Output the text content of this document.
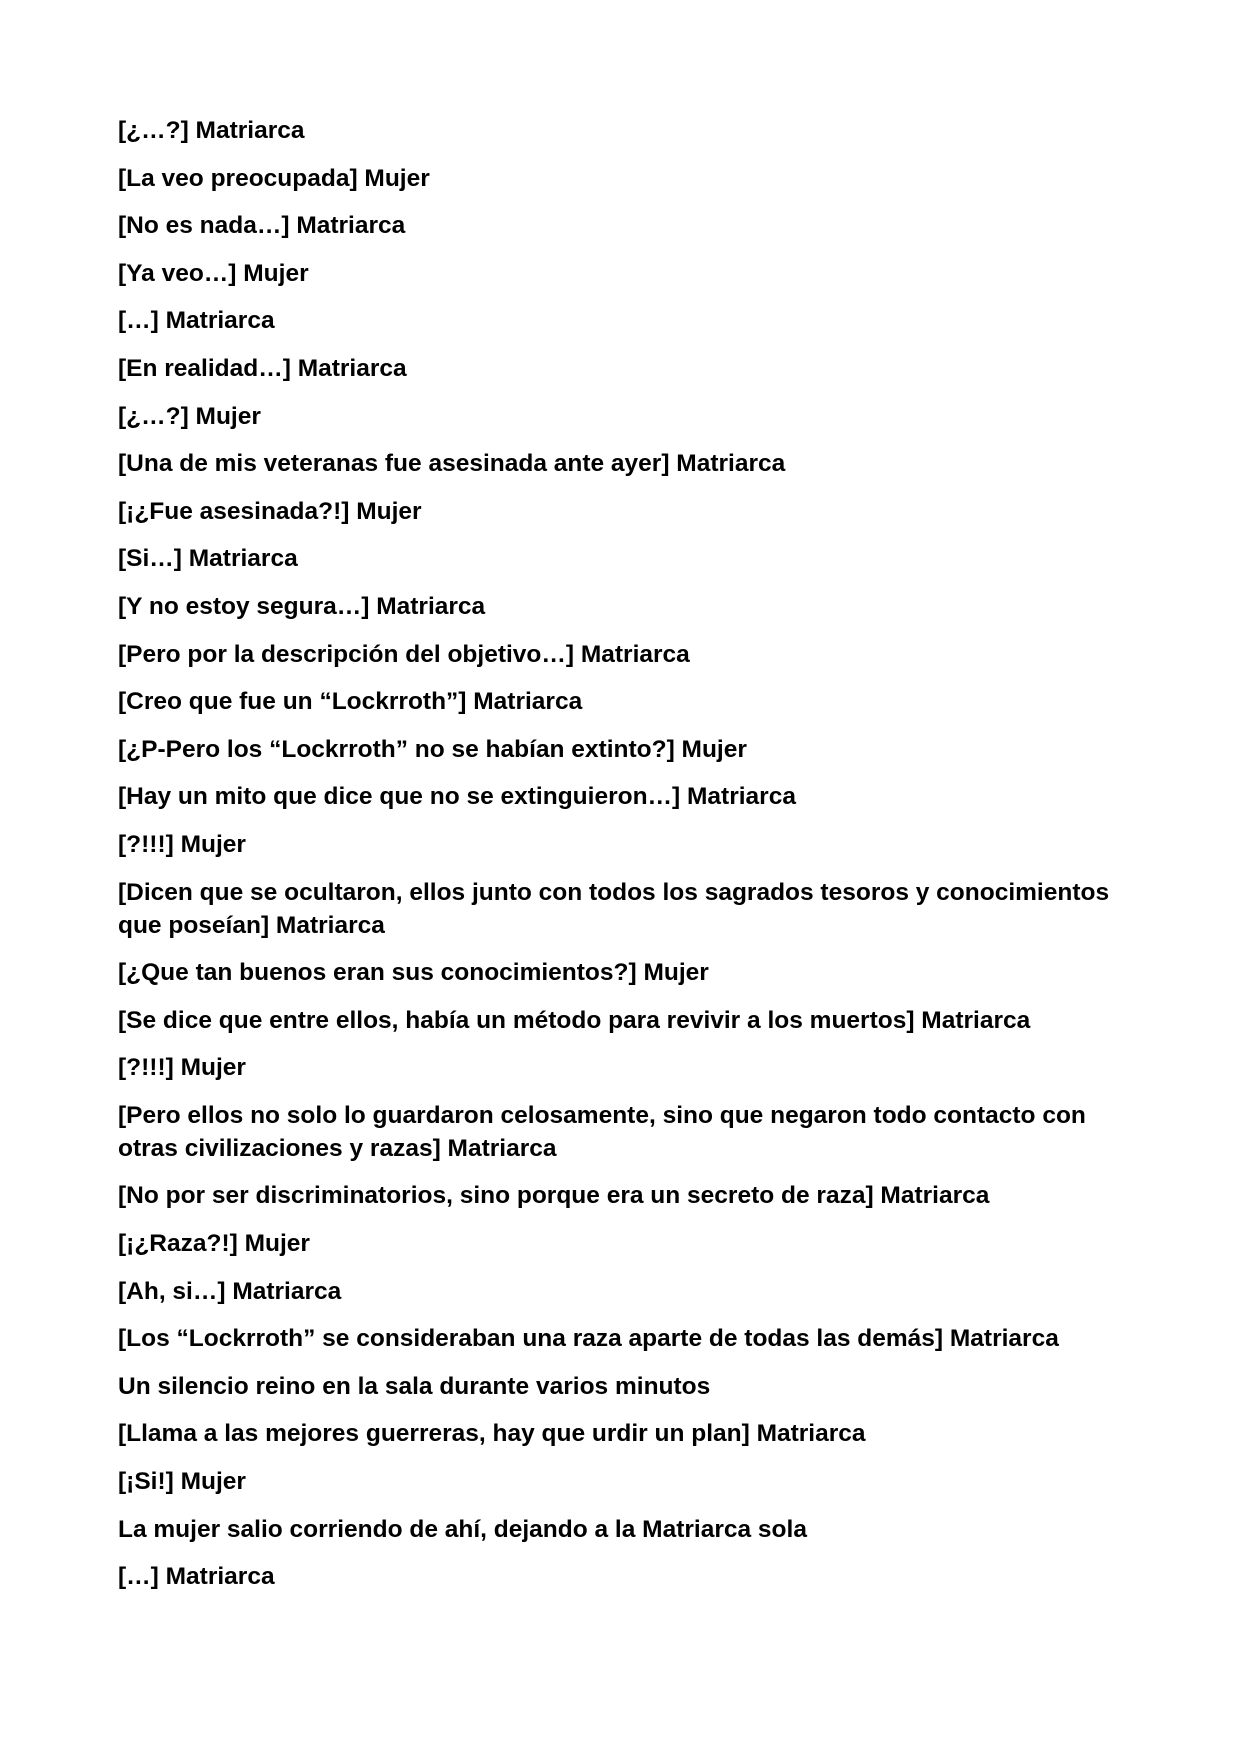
[¿…?] Matriarca

[La veo preocupada] Mujer

[No es nada…] Matriarca

[Ya veo…] Mujer

[…] Matriarca

[En realidad…] Matriarca

[¿…?] Mujer

[Una de mis veteranas fue asesinada ante ayer] Matriarca

[¡¿Fue asesinada?!] Mujer

[Si…] Matriarca

[Y no estoy segura…] Matriarca

[Pero por la descripción del objetivo…] Matriarca

[Creo que fue un “Lockrroth”] Matriarca

[¿P-Pero los “Lockrroth” no se habían extinto?] Mujer

[Hay un mito que dice que no se extinguieron…] Matriarca

[?!!!] Mujer

[Dicen que se ocultaron, ellos junto con todos los sagrados tesoros y conocimientos que poseían] Matriarca

[¿Que tan buenos eran sus conocimientos?] Mujer

[Se dice que entre ellos, había un método para revivir a los muertos] Matriarca

[?!!!] Mujer

[Pero ellos no solo lo guardaron celosamente, sino que negaron todo contacto con otras civilizaciones y razas] Matriarca

[No por ser discriminatorios, sino porque era un secreto de raza] Matriarca

[¡¿Raza?!] Mujer

[Ah, si…] Matriarca

[Los “Lockrroth” se consideraban una raza aparte de todas las demás] Matriarca

Un silencio reino en la sala durante varios minutos

[Llama a las mejores guerreras, hay que urdir un plan] Matriarca

[¡Si!] Mujer

La mujer salio corriendo de ahí, dejando a la Matriarca sola

[…] Matriarca
